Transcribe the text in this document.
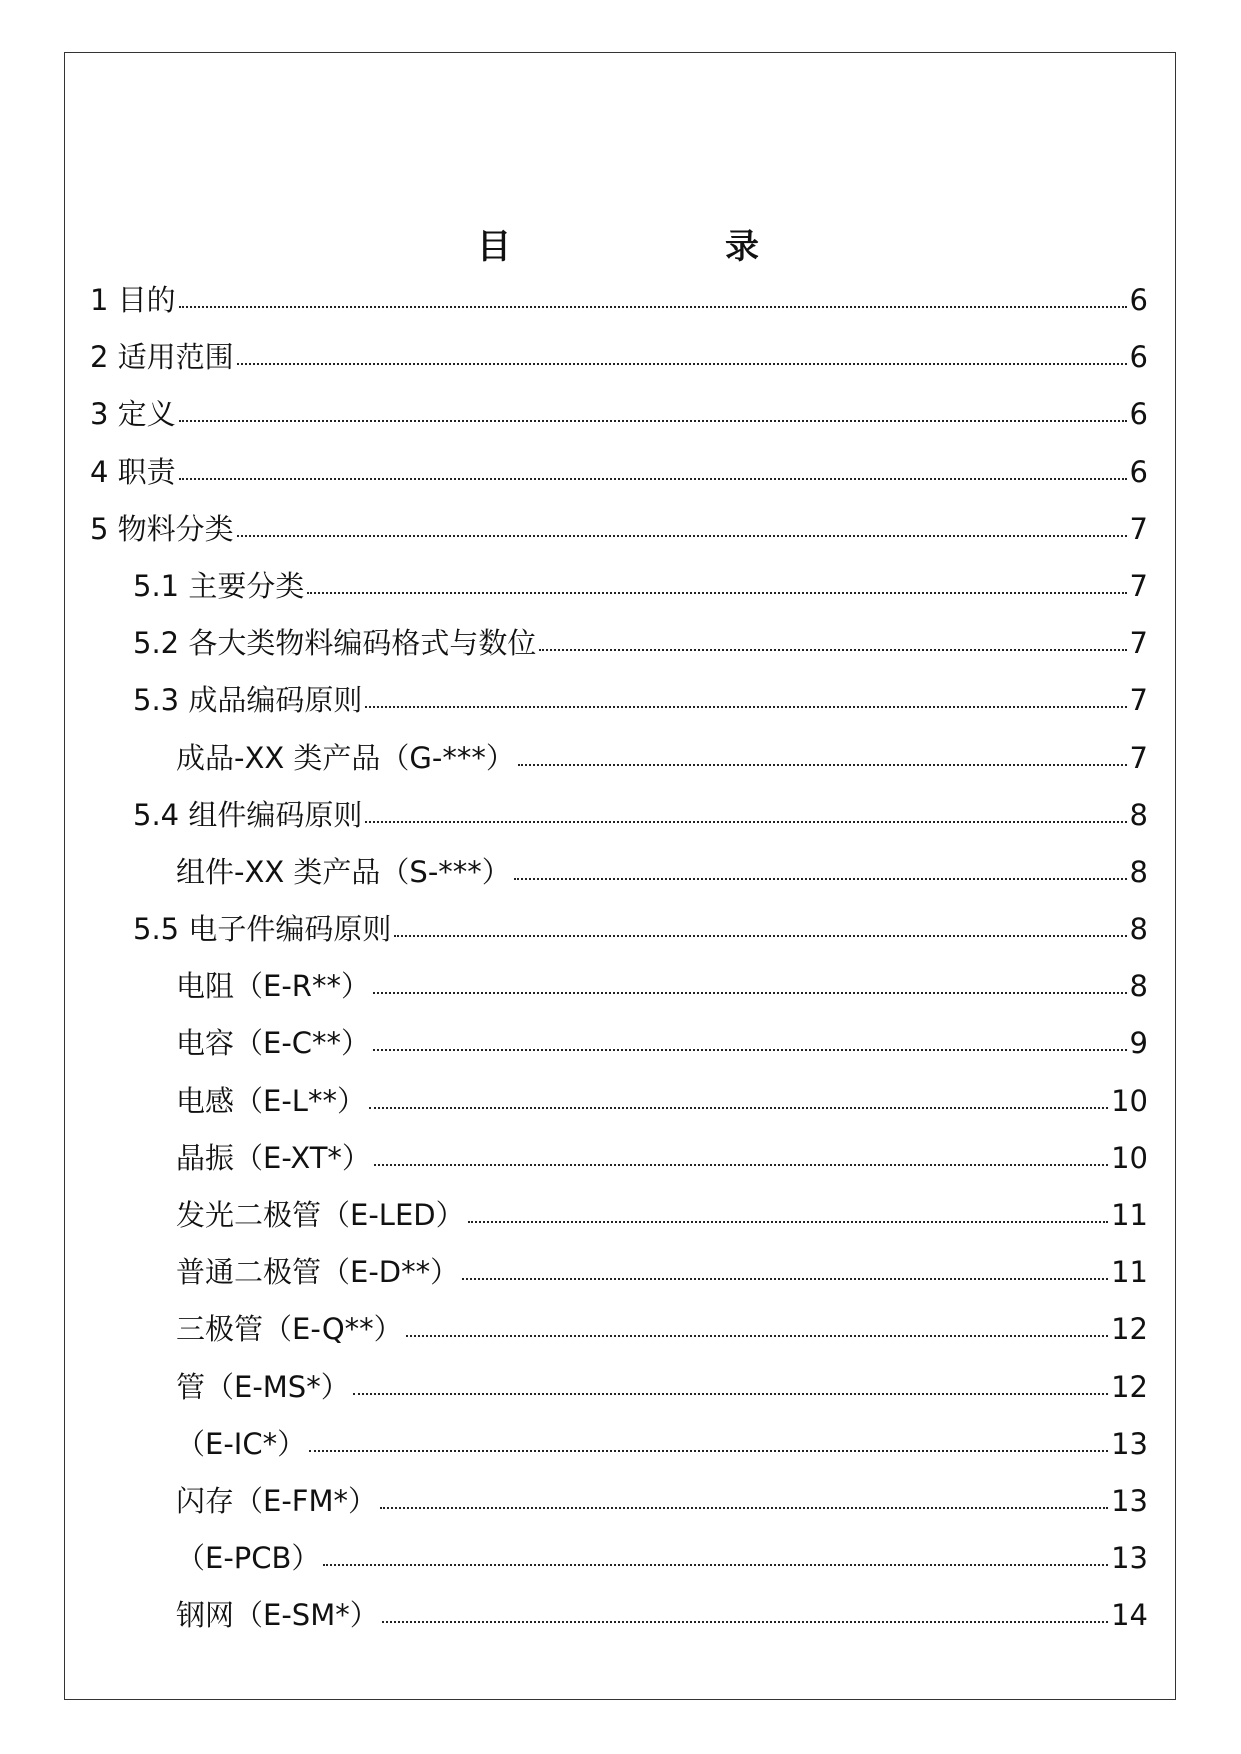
目	录
1 目的	6
2 适用范围	6
3 定义	6
4 职责	6
5 物料分类	7
5.1 主要分类	7
5.2 各大类物料编码格式与数位	7
5.3 成品编码原则	7
成品-XX 类产品（G-***）	7
5.4 组件编码原则	8
组件-XX 类产品（S-***）	8
5.5 电子件编码原则	8
电阻（E-R**）	8
电容（E-C**）	9
电感（E-L**）	10
晶振（E-XT*）	10
发光二极管（E-LED）	11
普通二极管（E-D**）	11
三极管（E-Q**）	12
管（E-MS*）	12
（E-IC*）	13
闪存（E-FM*）	13
（E-PCB）	13
钢网（E-SM*）	14
